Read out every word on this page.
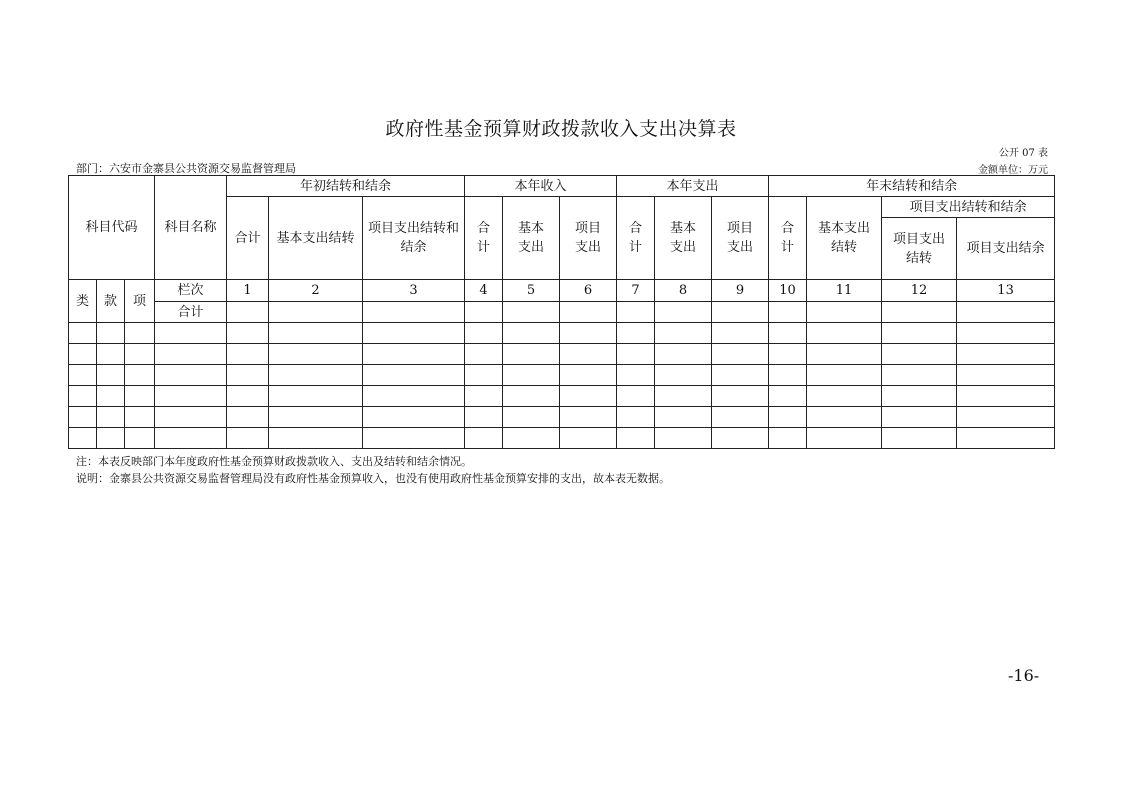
政府性基金预算财政拨款收入支出决算表
公开 07 表
部门：六安市金寨县公共资源交易监督管理局	金额单位：万元
科目代码			科目名称	年初结转和结余			本年收入			本年支出			年末结转和结余			
				合计	基本支出结转	项目支出结转和结余	合计	基本支出	项目支出	合计	基本支出	项目支出	合计	基本支出结转	项目支出结转和结余	
															项目支出结转	项目支出结余
类	款	项	栏次	1	2	3	4	5	6	7	8	9	10	11	12	13
			合计													

注：本表反映部门本年度政府性基金预算财政拨款收入、支出及结转和结余情况。
说明：金寨县公共资源交易监督管理局没有政府性基金预算收入，也没有使用政府性基金预算安排的支出，故本表无数据。
-16-
